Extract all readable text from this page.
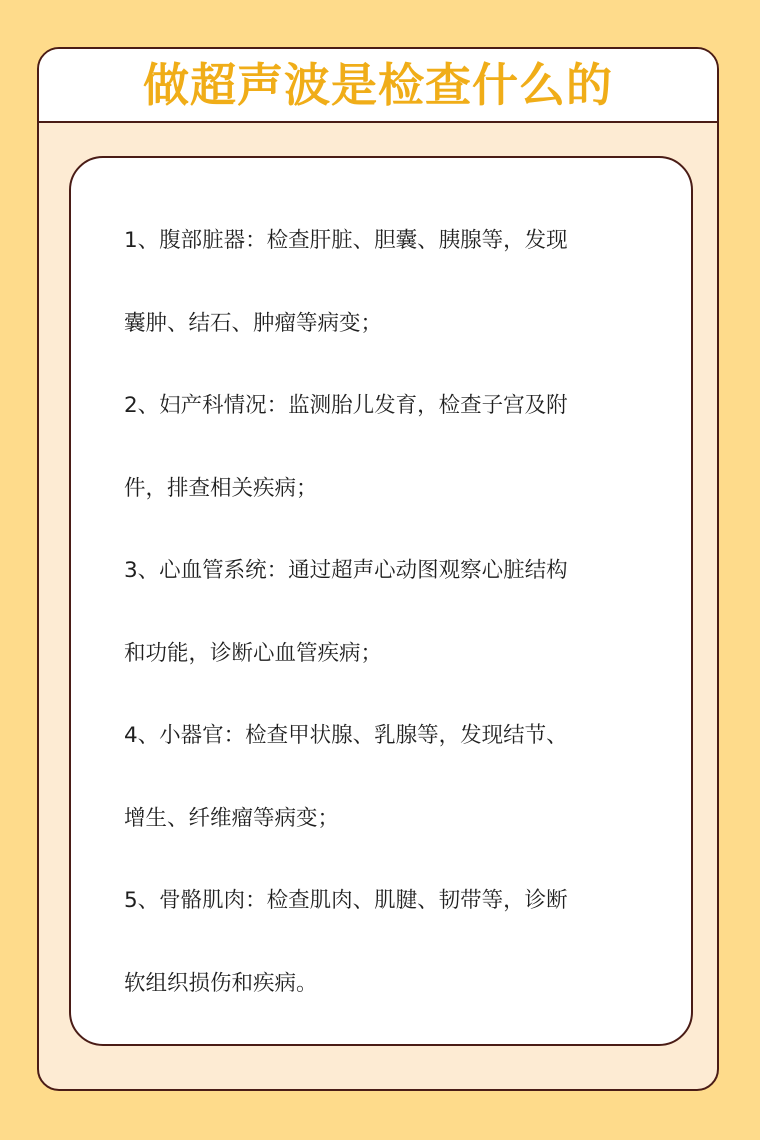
做超声波是检查什么的
1、腹部脏器：检查肝脏、胆囊、胰腺等，发现
囊肿、结石、肿瘤等病变；
2、妇产科情况：监测胎儿发育，检查子宫及附
件，排查相关疾病；
3、心血管系统：通过超声心动图观察心脏结构
和功能，诊断心血管疾病；
4、小器官：检查甲状腺、乳腺等，发现结节、
增生、纤维瘤等病变；
5、骨骼肌肉：检查肌肉、肌腱、韧带等，诊断
软组织损伤和疾病。
